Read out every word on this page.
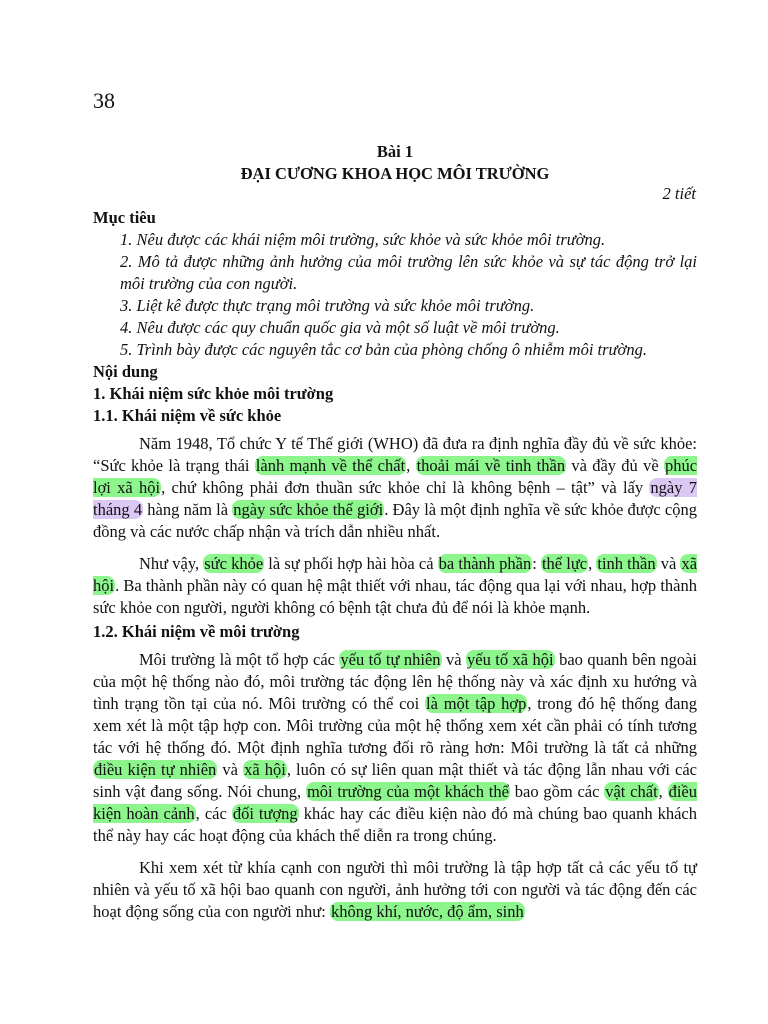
38
Bài 1
ĐẠI CƯƠNG KHOA HỌC MÔI TRƯỜNG
2 tiết
Mục tiêu
1. Nêu được các khái niệm môi trường, sức khỏe và sức khỏe môi trường.
2. Mô tả được những ảnh hưởng của môi trường lên sức khỏe và sự tác động trở lại môi trường của con người.
3. Liệt kê được thực trạng môi trường và sức khỏe môi trường.
4. Nêu được các quy chuẩn quốc gia và một số luật về môi trường.
5. Trình bày được các nguyên tắc cơ bản của phòng chống ô nhiễm môi trường.
Nội dung
1. Khái niệm sức khỏe môi trường
1.1. Khái niệm về sức khỏe

Năm 1948, Tổ chức Y tế Thế giới (WHO) đã đưa ra định nghĩa đầy đủ về sức khỏe: “Sức khỏe là trạng thái lành mạnh về thể chất, thoải mái về tinh thần và đầy đủ về phúc lợi xã hội, chứ không phải đơn thuần sức khỏe chỉ là không bệnh – tật” và lấy ngày 7 tháng 4 hàng năm là ngày sức khỏe thế giới. Đây là một định nghĩa về sức khỏe được cộng đồng và các nước chấp nhận và trích dẫn nhiều nhất.

Như vậy, sức khỏe là sự phối hợp hài hòa cả ba thành phần: thể lực, tinh thần và xã hội. Ba thành phần này có quan hệ mật thiết với nhau, tác động qua lại với nhau, hợp thành sức khỏe con người, người không có bệnh tật chưa đủ để nói là khỏe mạnh.

1.2. Khái niệm về môi trường

Môi trường là một tổ hợp các yếu tố tự nhiên và yếu tố xã hội bao quanh bên ngoài của một hệ thống nào đó, môi trường tác động lên hệ thống này và xác định xu hướng và tình trạng tồn tại của nó. Môi trường có thể coi là một tập hợp, trong đó hệ thống đang xem xét là một tập hợp con. Môi trường của một hệ thống xem xét cần phải có tính tương tác với hệ thống đó. Một định nghĩa tương đối rõ ràng hơn: Môi trường là tất cả những điều kiện tự nhiên và xã hội, luôn có sự liên quan mật thiết và tác động lẫn nhau với các sinh vật đang sống. Nói chung, môi trường của một khách thể bao gồm các vật chất, điều kiện hoàn cảnh, các đối tượng khác hay các điều kiện nào đó mà chúng bao quanh khách thể này hay các hoạt động của khách thể diễn ra trong chúng.

Khi xem xét từ khía cạnh con người thì môi trường là tập hợp tất cả các yếu tố tự nhiên và yếu tố xã hội bao quanh con người, ảnh hưởng tới con người và tác động đến các hoạt động sống của con người như: không khí, nước, độ ẩm, sinh
